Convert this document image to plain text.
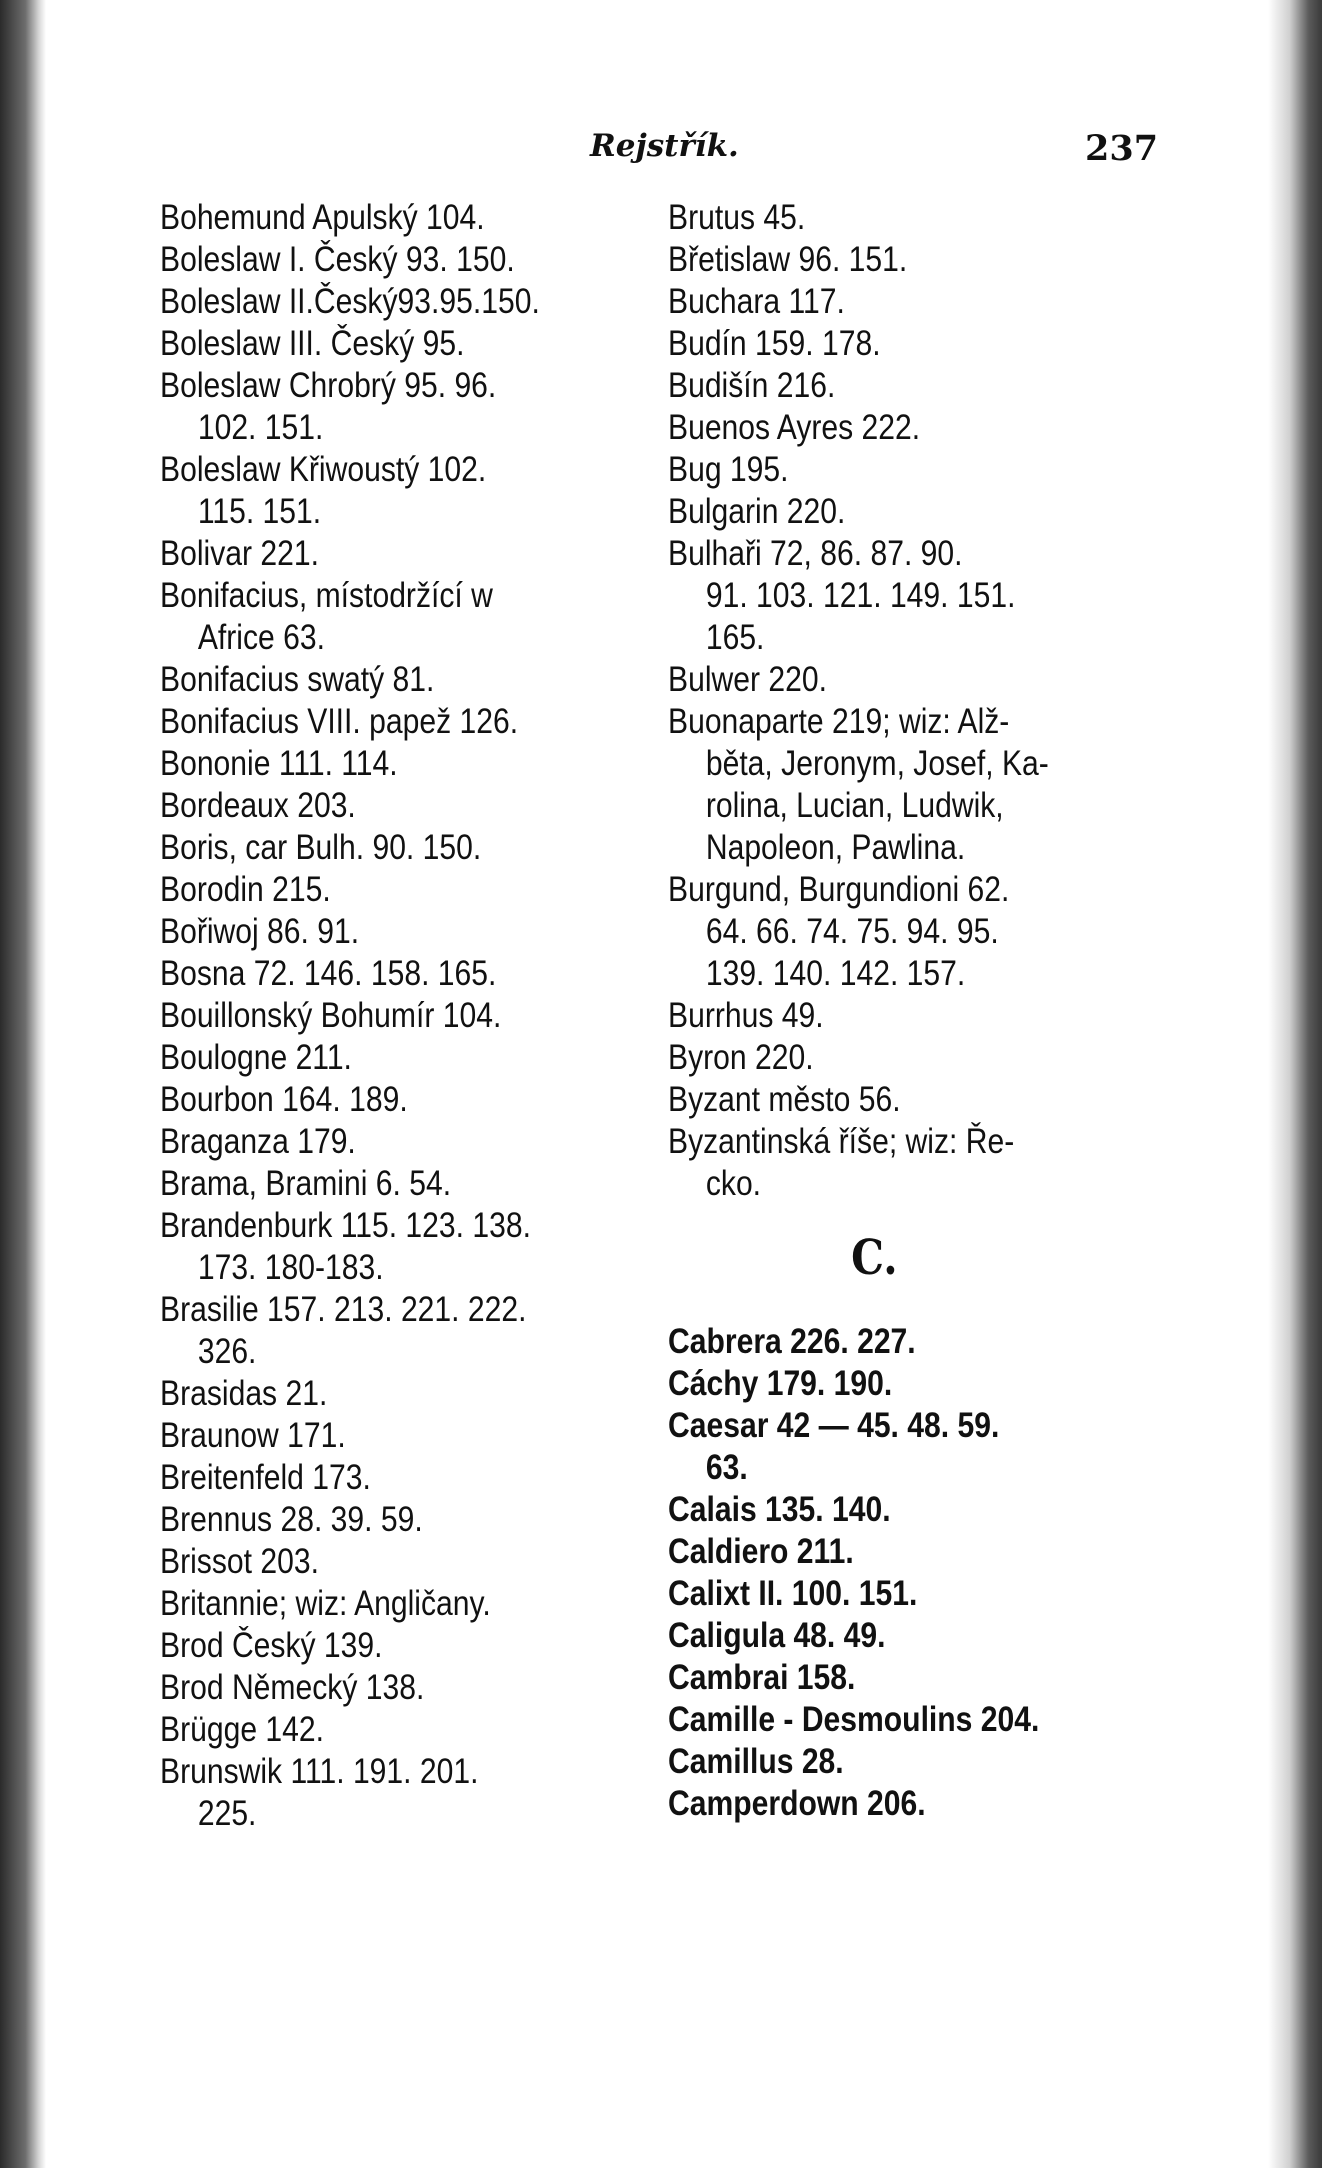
Rejstřík.	237
Bohemund Apulský 104.
Boleslaw I. Český 93. 150.
Boleslaw II.Český93.95.150.
Boleslaw III. Český 95.
Boleslaw Chrobrý 95. 96.
102. 151.
Boleslaw Křiwoustý 102.
115. 151.
Bolivar 221.
Bonifacius, místodržící w
Africe 63.
Bonifacius swatý 81.
Bonifacius VIII. papež 126.
Bononie 111. 114.
Bordeaux 203.
Boris, car Bulh. 90. 150.
Borodin 215.
Bořiwoj 86. 91.
Bosna 72. 146. 158. 165.
Bouillonský Bohumír 104.
Boulogne 211.
Bourbon 164. 189.
Braganza 179.
Brama, Bramini 6. 54.
Brandenburk 115. 123. 138.
173. 180-183.
Brasilie 157. 213. 221. 222.
326.
Brasidas 21.
Braunow 171.
Breitenfeld 173.
Brennus 28. 39. 59.
Brissot 203.
Britannie; wiz: Angličany.
Brod Český 139.
Brod Německý 138.
Brügge 142.
Brunswik 111. 191. 201.
225.
Brutus 45.
Břetislaw 96. 151.
Buchara 117.
Budín 159. 178.
Budišín 216.
Buenos Ayres 222.
Bug 195.
Bulgarin 220.
Bulhaři 72, 86. 87. 90.
91. 103. 121. 149. 151.
165.
Bulwer 220.
Buonaparte 219; wiz: Alž-
běta, Jeronym, Josef, Ka-
rolina, Lucian, Ludwik,
Napoleon, Pawlina.
Burgund, Burgundioni 62.
64. 66. 74. 75. 94. 95.
139. 140. 142. 157.
Burrhus 49.
Byron 220.
Byzant město 56.
Byzantinská říše; wiz: Ře-
cko.
C.
Cabrera 226. 227.
Cáchy 179. 190.
Caesar 42 — 45. 48. 59.
63.
Calais 135. 140.
Caldiero 211.
Calixt II. 100. 151.
Caligula 48. 49.
Cambrai 158.
Camille - Desmoulins 204.
Camillus 28.
Camperdown 206.
